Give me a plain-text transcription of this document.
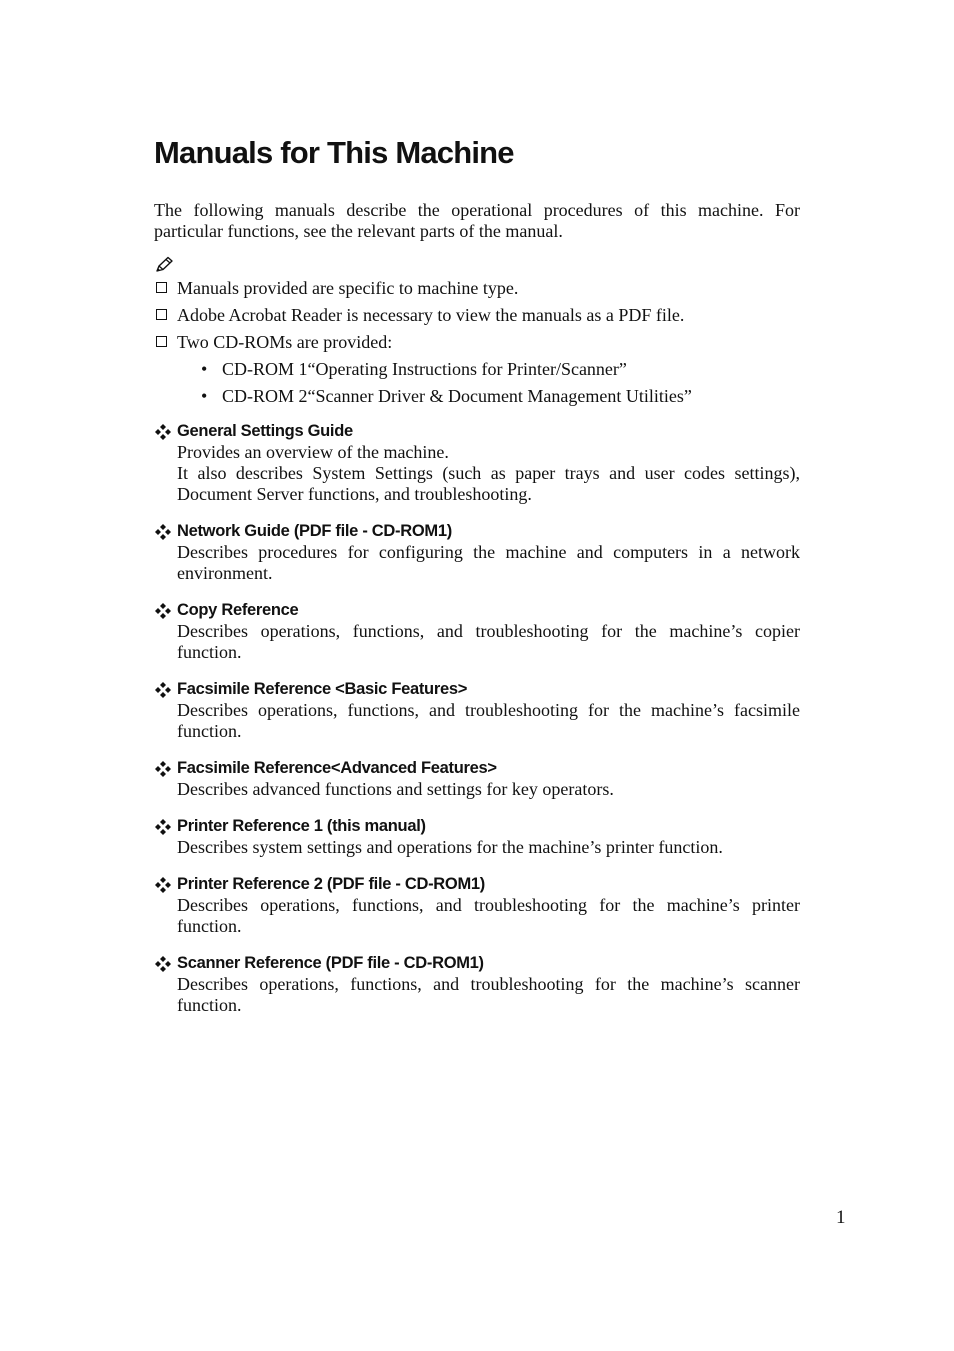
Manuals for This Machine

The following manuals describe the operational procedures of this machine. For particular functions, see the relevant parts of the manual.

Manuals provided are specific to machine type.
Adobe Acrobat Reader is necessary to view the manuals as a PDF file.
Two CD-ROMs are provided:
• CD-ROM 1“Operating Instructions for Printer/Scanner”
• CD-ROM 2“Scanner Driver & Document Management Utilities”
General Settings Guide

Provides an overview of the machine.

It also describes System Settings (such as paper trays and user codes settings), Document Server functions, and troubleshooting.

Network Guide (PDF file - CD-ROM1)

Describes procedures for configuring the machine and computers in a network environment.

Copy Reference

Describes operations, functions, and troubleshooting for the machine’s copier function.

Facsimile Reference <Basic Features>

Describes operations, functions, and troubleshooting for the machine’s facsimile function.

Facsimile Reference<Advanced Features>

Describes advanced functions and settings for key operators.

Printer Reference 1 (this manual)

Describes system settings and operations for the machine’s printer function.

Printer Reference 2 (PDF file - CD-ROM1)

Describes operations, functions, and troubleshooting for the machine’s printer function.

Scanner Reference (PDF file - CD-ROM1)

Describes operations, functions, and troubleshooting for the machine’s scanner function.

1
